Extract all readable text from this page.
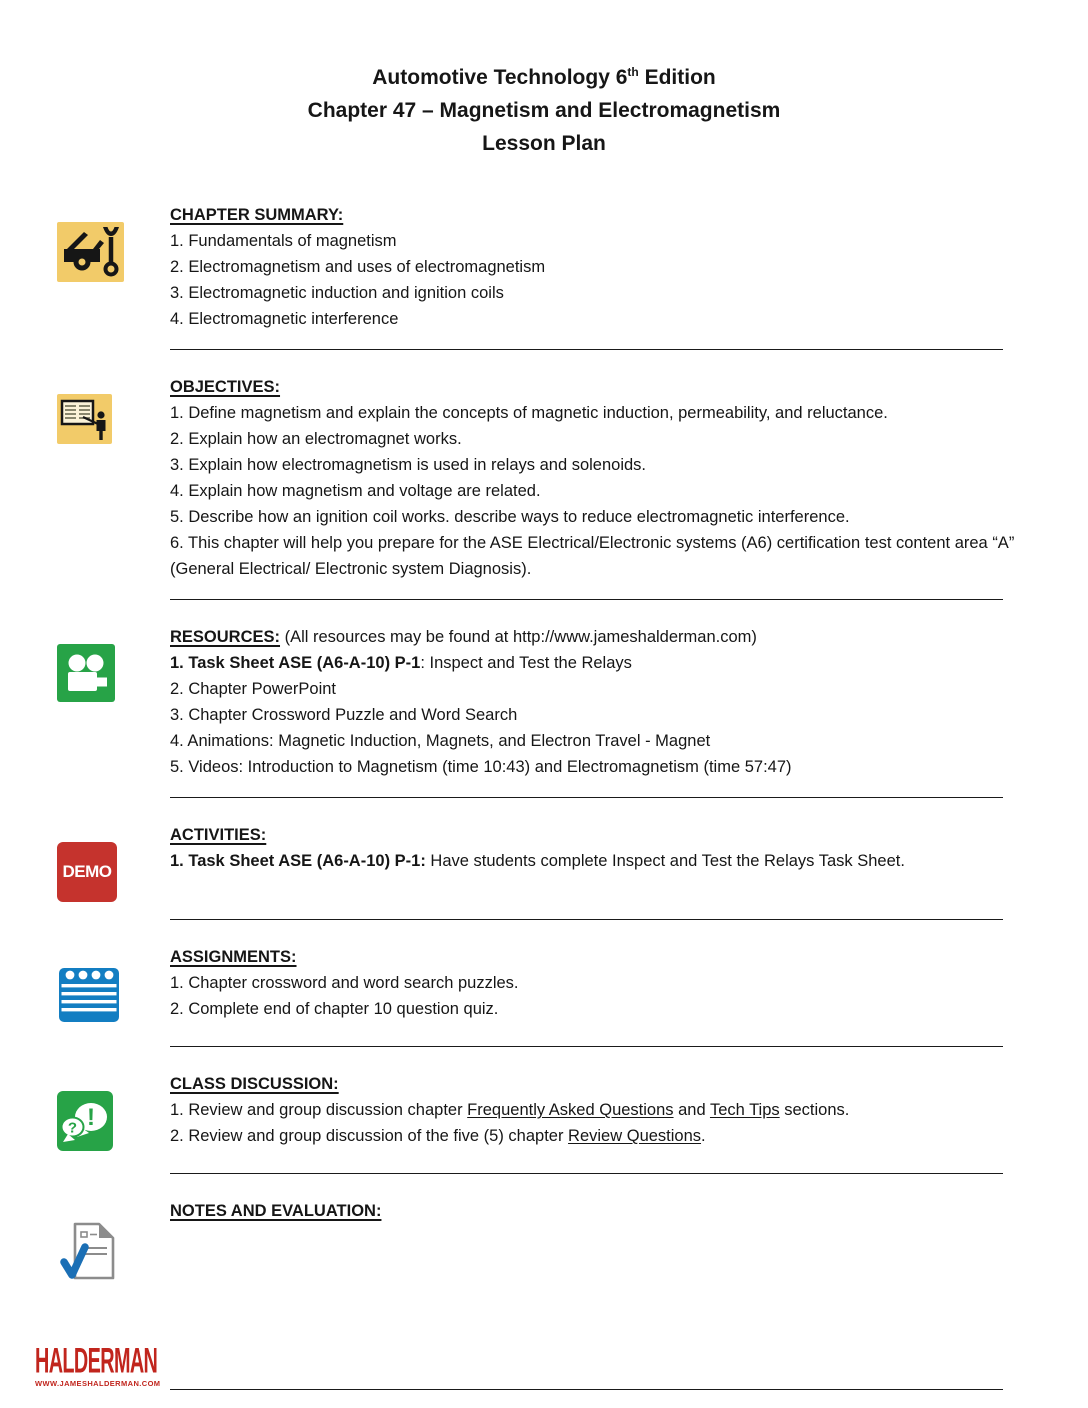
Automotive Technology 6th Edition
Chapter 47 – Magnetism and Electromagnetism
Lesson Plan
CHAPTER SUMMARY:
1. Fundamentals of magnetism
2. Electromagnetism and uses of electromagnetism
3. Electromagnetic induction and ignition coils
4. Electromagnetic interference
OBJECTIVES:
1. Define magnetism and explain the concepts of magnetic induction, permeability, and reluctance.
2. Explain how an electromagnet works.
3. Explain how electromagnetism is used in relays and solenoids.
4. Explain how magnetism and voltage are related.
5. Describe how an ignition coil works. describe ways to reduce electromagnetic interference.
6. This chapter will help you prepare for the ASE Electrical/Electronic systems (A6) certification test content area “A” (General Electrical/ Electronic system Diagnosis).
RESOURCES: (All resources may be found at http://www.jameshalderman.com)
1. Task Sheet ASE (A6-A-10) P-1: Inspect and Test the Relays
2. Chapter PowerPoint
3. Chapter Crossword Puzzle and Word Search
4. Animations: Magnetic Induction, Magnets, and Electron Travel - Magnet
5. Videos: Introduction to Magnetism (time 10:43) and Electromagnetism (time 57:47)
DEMO
ACTIVITIES:
1. Task Sheet ASE (A6-A-10) P-1: Have students complete Inspect and Test the Relays Task Sheet.
ASSIGNMENTS:
1. Chapter crossword and word search puzzles.
2. Complete end of chapter 10 question quiz.
!
?
CLASS DISCUSSION:
1. Review and group discussion chapter Frequently Asked Questions and Tech Tips sections.
2. Review and group discussion of the five (5) chapter Review Questions.
NOTES AND EVALUATION:
HALDERMAN
WWW.JAMESHALDERMAN.COM
